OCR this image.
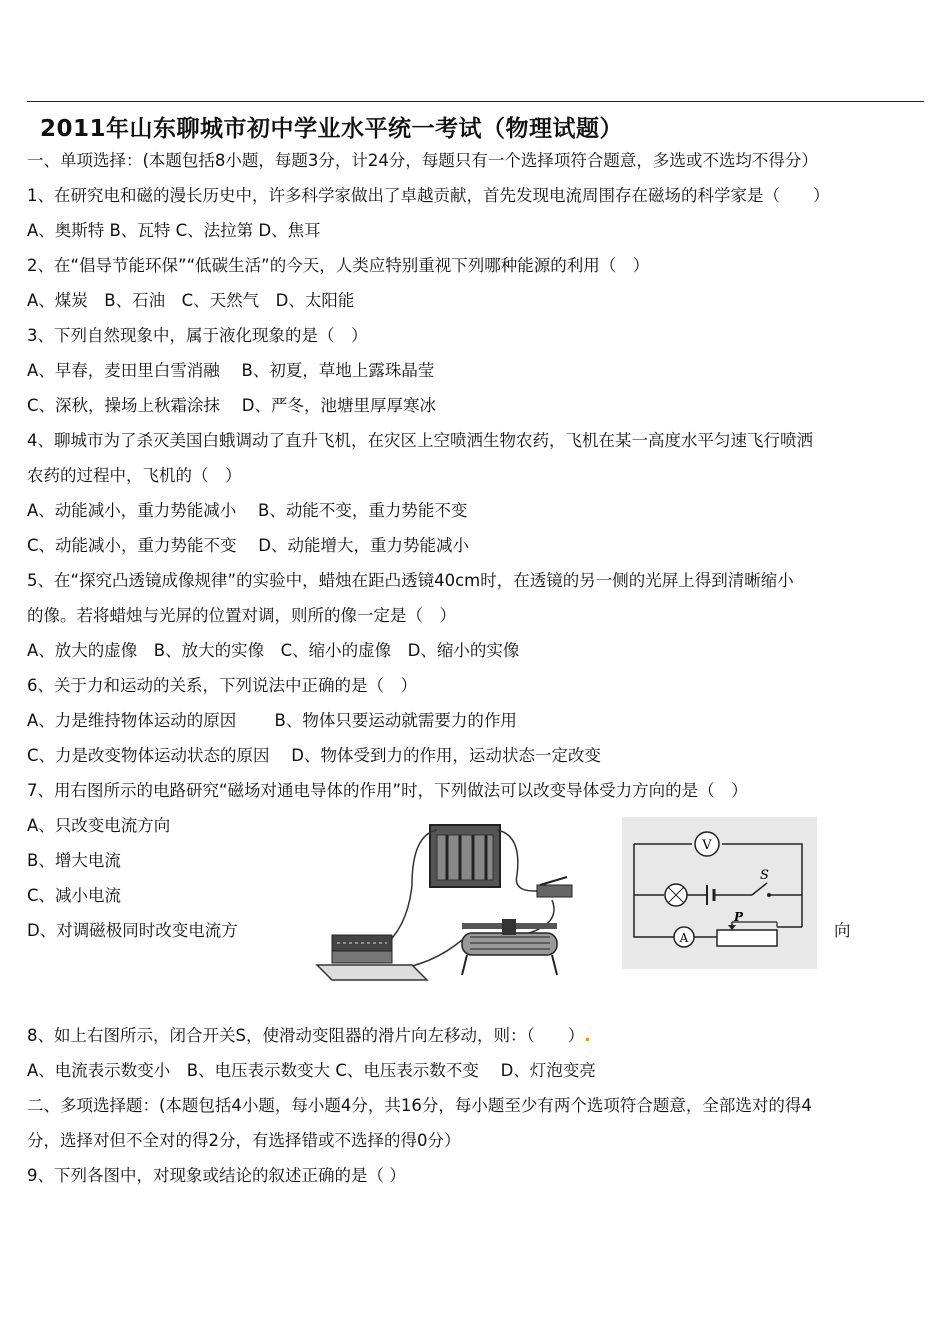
2011年山东聊城市初中学业水平统一考试（物理试题）
一、单项选择：(本题包括8小题，每题3分，计24分，每题只有一个选择项符合题意，多选或不选均不得分）
1、在研究电和磁的漫长历史中，许多科学家做出了卓越贡献，首先发现电流周围存在磁场的科学家是（　　）
A、奥斯特 B、瓦特 C、法拉第 D、焦耳
2、在“倡导节能环保”“低碳生活”的今天，人类应特别重视下列哪种能源的利用（　）
A、煤炭　B、石油　C、天然气　D、太阳能
3、下列自然现象中，属于液化现象的是（　）
A、早春，麦田里白雪消融　 B、初夏，草地上露珠晶莹
C、深秋，操场上秋霜涂抹　 D、严冬，池塘里厚厚寒冰
4、聊城市为了杀灭美国白蛾调动了直升飞机，在灾区上空喷洒生物农药，飞机在某一高度水平匀速飞行喷洒
农药的过程中，飞机的（　）
A、动能减小，重力势能减小　 B、动能不变，重力势能不变
C、动能减小，重力势能不变　 D、动能增大，重力势能减小
5、在“探究凸透镜成像规律”的实验中，蜡烛在距凸透镜40cm时，在透镜的另一侧的光屏上得到清晰缩小
的像。若将蜡烛与光屏的位置对调，则所的像一定是（　）
A、放大的虚像　B、放大的实像　C、缩小的虚像　D、缩小的实像
6、关于力和运动的关系，下列说法中正确的是（　）
A、力是维持物体运动的原因　　 B、物体只要运动就需要力的作用
C、力是改变物体运动状态的原因　 D、物体受到力的作用，运动状态一定改变
7、用右图所示的电路研究“磁场对通电导体的作用”时，下列做法可以改变导体受力方向的是（　）
A、只改变电流方向
B、增大电流
C、减小电流
D、对调磁极同时改变电流方	向
V
S
A
P
8、如上右图所示，闭合开关S，使滑动变阻器的滑片向左移动，则：（　　）.
A、电流表示数变小　B、电压表示数变大 C、电压表示数不变　 D、灯泡变亮
二、多项选择题：(本题包括4小题，每小题4分，共16分，每小题至少有两个选项符合题意，全部选对的得4
分，选择对但不全对的得2分，有选择错或不选择的得0分）
9、下列各图中，对现象或结论的叙述正确的是（ ）
